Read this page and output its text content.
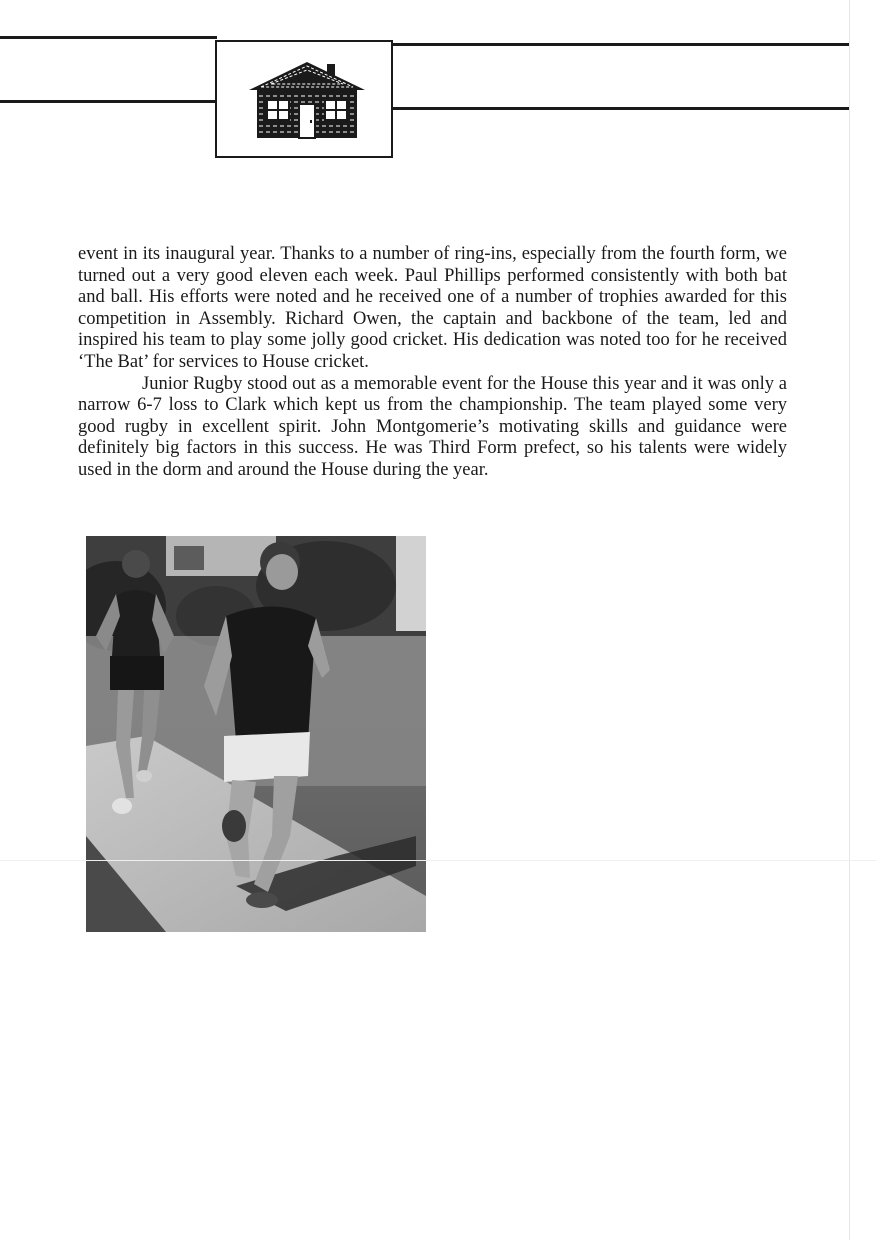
event in its inaugural year. Thanks to a number of ring-ins, especially from the fourth form, we turned out a very good eleven each week. Paul Phillips performed consistently with both bat and ball. His efforts were noted and he received one of a number of trophies awarded for this competition in Assembly. Richard Owen, the captain and backbone of the team, led and inspired his team to play some jolly good cricket. His dedication was noted too for he received ‘The Bat’ for services to House cricket.

Junior Rugby stood out as a memorable event for the House this year and it was only a narrow 6-7 loss to Clark which kept us from the championship. The team played some very good rugby in excellent spirit. John Montgomerie’s motivating skills and guidance were definitely big factors in this success. He was Third Form prefect, so his talents were widely used in the dorm and around the House during the year.
